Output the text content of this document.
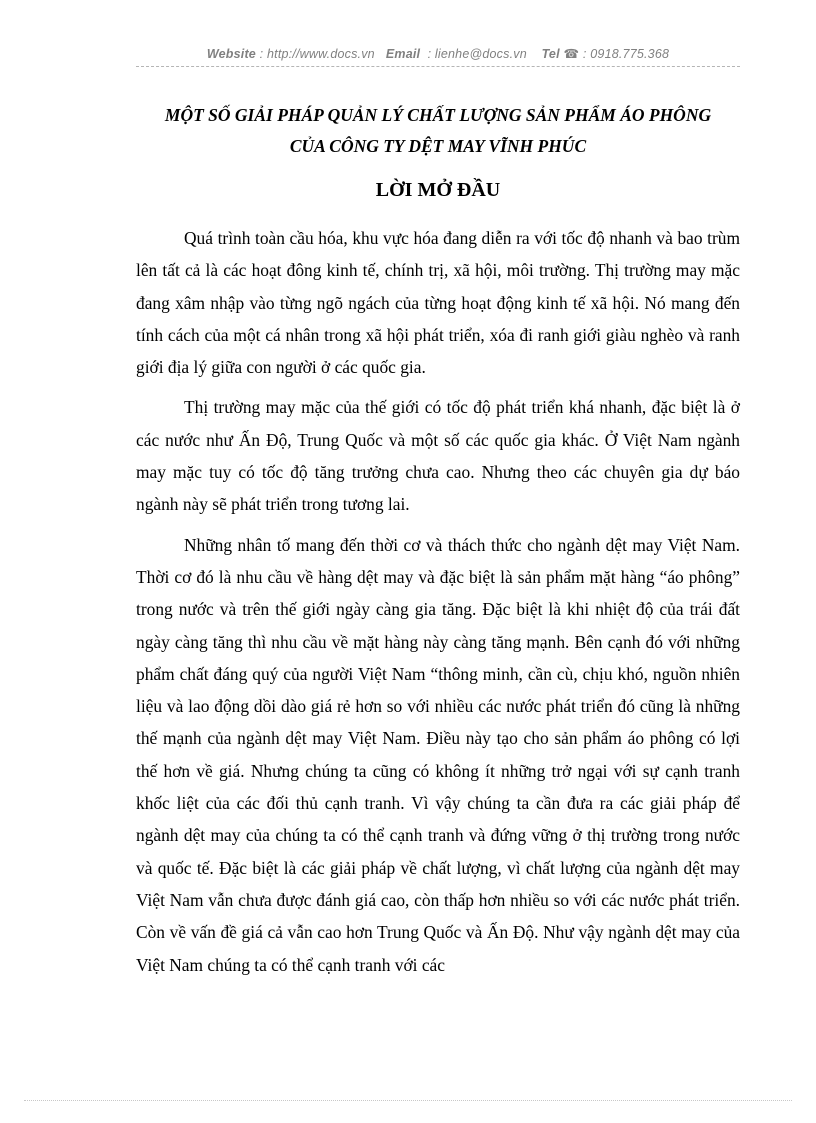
Website : http://www.docs.vn Email : lienhe@docs.vn Tel ☎ : 0918.775.368
MỘT SỐ GIẢI PHÁP QUẢN LÝ CHẤT LƯỢNG SẢN PHẨM ÁO PHÔNG
CỦA CÔNG TY DỆT MAY VĨNH PHÚC
LỜI MỞ ĐẦU

Quá trình toàn cầu hóa, khu vực hóa đang diễn ra với tốc độ nhanh và bao trùm lên tất cả là các hoạt đông kinh tế, chính trị, xã hội, môi trường. Thị trường may mặc đang xâm nhập vào từng ngõ ngách của từng hoạt động kinh tế xã hội. Nó mang đến tính cách của một cá nhân trong xã hội phát triển, xóa đi ranh giới giàu nghèo và ranh giới địa lý giữa con người ở các quốc gia.

Thị trường may mặc của thế giới có tốc độ phát triển khá nhanh, đặc biệt là ở các nước như Ấn Độ, Trung Quốc và một số các quốc gia khác. Ở Việt Nam ngành may mặc tuy có tốc độ tăng trưởng chưa cao. Nhưng theo các chuyên gia dự báo ngành này sẽ phát triển trong tương lai.

Những nhân tố mang đến thời cơ và thách thức cho ngành dệt may Việt Nam. Thời cơ đó là nhu cầu về hàng dệt may và đặc biệt là sản phẩm mặt hàng “áo phông” trong nước và trên thế giới ngày càng gia tăng. Đặc biệt là khi nhiệt độ của trái đất ngày càng tăng thì nhu cầu về mặt hàng này càng tăng mạnh. Bên cạnh đó với những phẩm chất đáng quý của người Việt Nam “thông minh, cần cù, chịu khó, nguồn nhiên liệu và lao động dồi dào giá rẻ hơn so với nhiều các nước phát triển đó cũng là những thế mạnh của ngành dệt may Việt Nam. Điều này tạo cho sản phẩm áo phông có lợi thế hơn về giá. Nhưng chúng ta cũng có không ít những trở ngại với sự cạnh tranh khốc liệt của các đối thủ cạnh tranh. Vì vậy chúng ta cần đưa ra các giải pháp để ngành dệt may của chúng ta có thể cạnh tranh và đứng vững ở thị trường trong nước và quốc tế. Đặc biệt là các giải pháp về chất lượng, vì chất lượng của ngành dệt may Việt Nam vẫn chưa được đánh giá cao, còn thấp hơn nhiều so với các nước phát triển. Còn về vấn đề giá cả vẫn cao hơn Trung Quốc và Ấn Độ. Như vậy ngành dệt may của Việt Nam chúng ta có thể cạnh tranh với các
